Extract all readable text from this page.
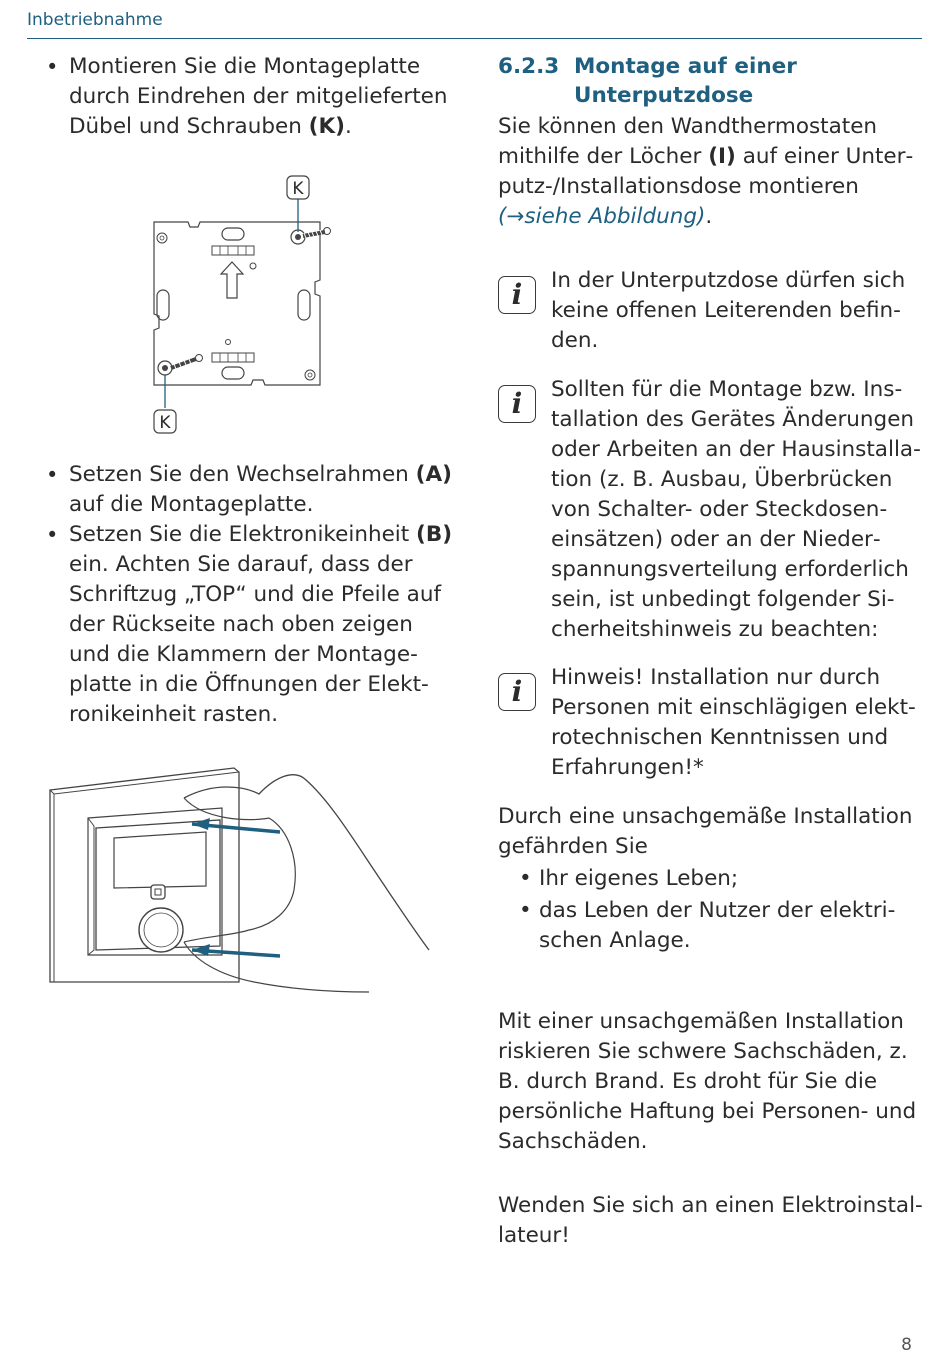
Inbetriebnahme
• Montieren Sie die Montageplatte durch Eindrehen der mitgelieferten Dübel und Schrauben (K).
K
K
• Setzen Sie den Wechselrahmen (A) auf die Montageplatte.
• Setzen Sie die Elektronikeinheit (B) ein. Achten Sie darauf, dass der Schriftzug „TOP“ und die Pfeile auf der Rückseite nach oben zeigen und die Klammern der Montageplatte in die Öffnungen der Elektronikeinheit rasten.
6.2.3 Montage auf einer Unterputzdose
Sie können den Wandthermostaten mithilfe der Löcher (I) auf einer Unterputz-/Installationsdose montieren (→siehe Abbildung).
i	In der Unterputzdose dürfen sich keine offenen Leiterenden befinden.
i	Sollten für die Montage bzw. Installation des Gerätes Änderungen oder Arbeiten an der Hausinstallation (z. B. Ausbau, Überbrücken von Schalter- oder Steckdoseneinsätzen) oder an der Niederspannungsverteilung erforderlich sein, ist unbedingt folgender Sicherheitshinweis zu beachten:
i	Hinweis! Installation nur durch Personen mit einschlägigen elektrotechnischen Kenntnissen und Erfahrungen!*
Durch eine unsachgemäße Installation gefährden Sie
• Ihr eigenes Leben;
• das Leben der Nutzer der elektrischen Anlage.
Mit einer unsachgemäßen Installation riskieren Sie schwere Sachschäden, z. B. durch Brand. Es droht für Sie die persönliche Haftung bei Personen- und Sachschäden.
Wenden Sie sich an einen Elektroinstallateur!
8
